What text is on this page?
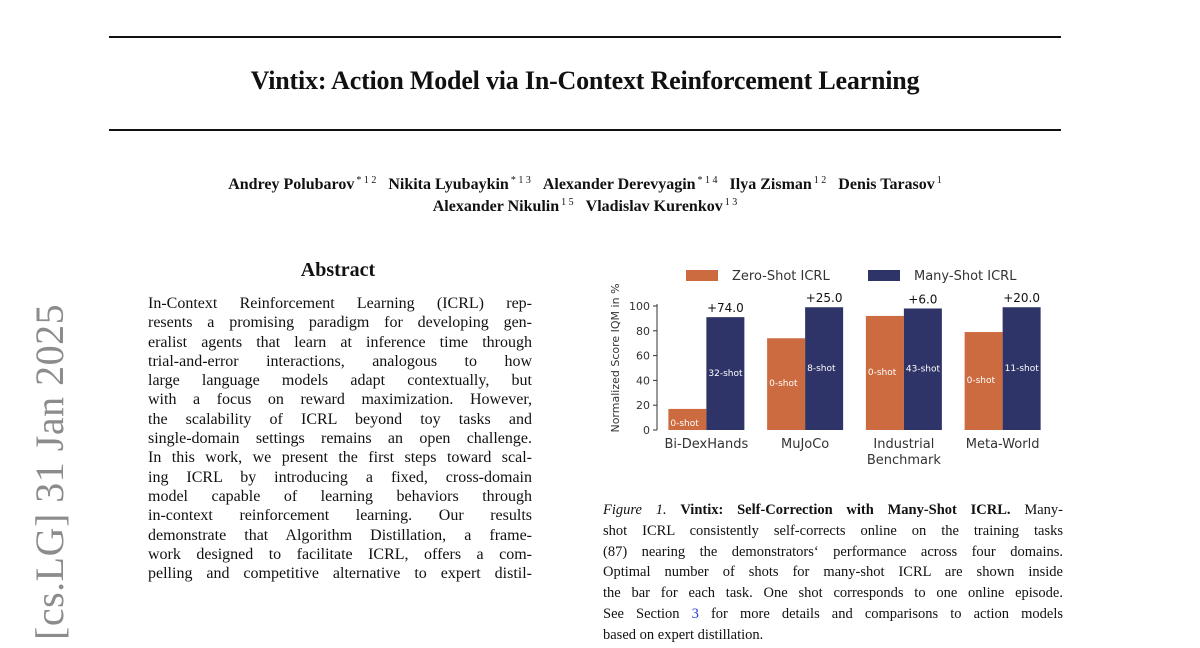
Vintix: Action Model via In-Context Reinforcement Learning
Andrey Polubarov $^{* 1 2}$ Nikita Lyubaykin $^{* 1 3}$ Alexander Derevyagin $^{* 1 4}$ Ilya Zisman $^{1 2}$ Denis Tarasov $^1$
Alexander Nikulin $^{1 5}$ Vladislav Kurenkov $^{1 3}$
[cs.LG] 31 Jan 2025
Abstract
In-Context Reinforcement Learning (ICRL) rep-
resents a promising paradigm for developing gen-
eralist agents that learn at inference time through
trial-and-error interactions, analogous to how
large language models adapt contextually, but
with a focus on reward maximization. However,
the scalability of ICRL beyond toy tasks and
single-domain settings remains an open challenge.
In this work, we present the first steps toward scal-
ing ICRL by introducing a fixed, cross-domain
model capable of learning behaviors through
in-context reinforcement learning. Our results
demonstrate that Algorithm Distillation, a frame-
work designed to facilitate ICRL, offers a com-
pelling and competitive alternative to expert distil-
0
20
40
60
80
100
Normalized Score IQM in %	0-shot
32-shot
+74.0
Bi-DexHands
0-shot
8-shot
+25.0
MuJoCo
0-shot 43-shot
+6.0
Industrial
Benchmark
0-shot
11-shot
+20.0
Meta-World
Zero-Shot ICRL	Many-Shot ICRL
Figure 1. Vintix: Self-Correction with Many-Shot ICRL. Many-
shot ICRL consistently self-corrects online on the training tasks
(87) nearing the demonstrators‘ performance across four domains.
Optimal number of shots for many-shot ICRL are shown inside
the bar for each task. One shot corresponds to one online episode.
See Section 3 for more details and comparisons to action models
based on expert distillation.
